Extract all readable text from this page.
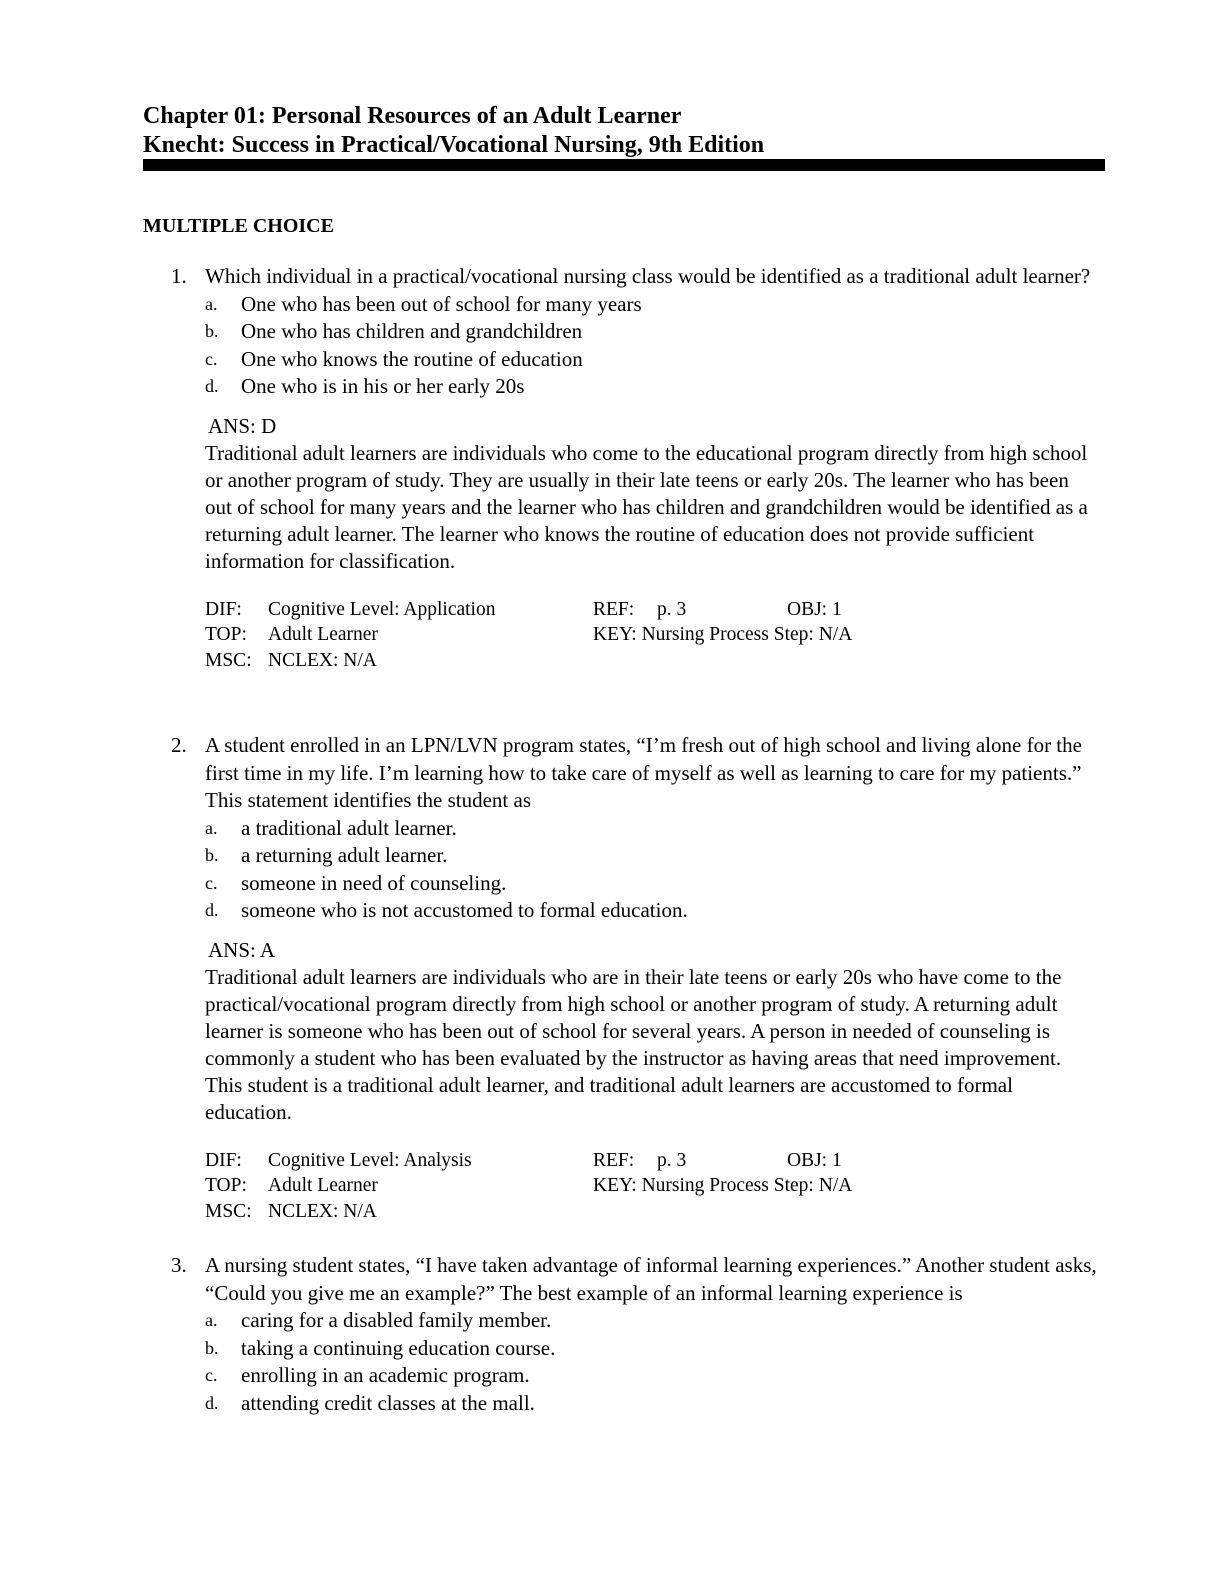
Chapter 01: Personal Resources of an Adult Learner
Knecht: Success in Practical/Vocational Nursing, 9th Edition
MULTIPLE CHOICE
1. Which individual in a practical/vocational nursing class would be identified as a traditional adult learner?
a. One who has been out of school for many years
b. One who has children and grandchildren
c. One who knows the routine of education
d. One who is in his or her early 20s
ANS: D
Traditional adult learners are individuals who come to the educational program directly from high school or another program of study. They are usually in their late teens or early 20s. The learner who has been out of school for many years and the learner who has children and grandchildren would be identified as a returning adult learner. The learner who knows the routine of education does not provide sufficient information for classification.
DIF: Cognitive Level: Application	REF: p. 3	OBJ: 1
TOP: Adult Learner	KEY: Nursing Process Step: N/A
MSC: NCLEX: N/A
2. A student enrolled in an LPN/LVN program states, “I’m fresh out of high school and living alone for the first time in my life. I’m learning how to take care of myself as well as learning to care for my patients.” This statement identifies the student as
a. a traditional adult learner.
b. a returning adult learner.
c. someone in need of counseling.
d. someone who is not accustomed to formal education.
ANS: A
Traditional adult learners are individuals who are in their late teens or early 20s who have come to the practical/vocational program directly from high school or another program of study. A returning adult learner is someone who has been out of school for several years. A person in needed of counseling is commonly a student who has been evaluated by the instructor as having areas that need improvement. This student is a traditional adult learner, and traditional adult learners are accustomed to formal education.
DIF: Cognitive Level: Analysis	REF: p. 3	OBJ: 1
TOP: Adult Learner	KEY: Nursing Process Step: N/A
MSC: NCLEX: N/A
3. A nursing student states, “I have taken advantage of informal learning experiences.” Another student asks, “Could you give me an example?” The best example of an informal learning experience is
a. caring for a disabled family member.
b. taking a continuing education course.
c. enrolling in an academic program.
d. attending credit classes at the mall.
